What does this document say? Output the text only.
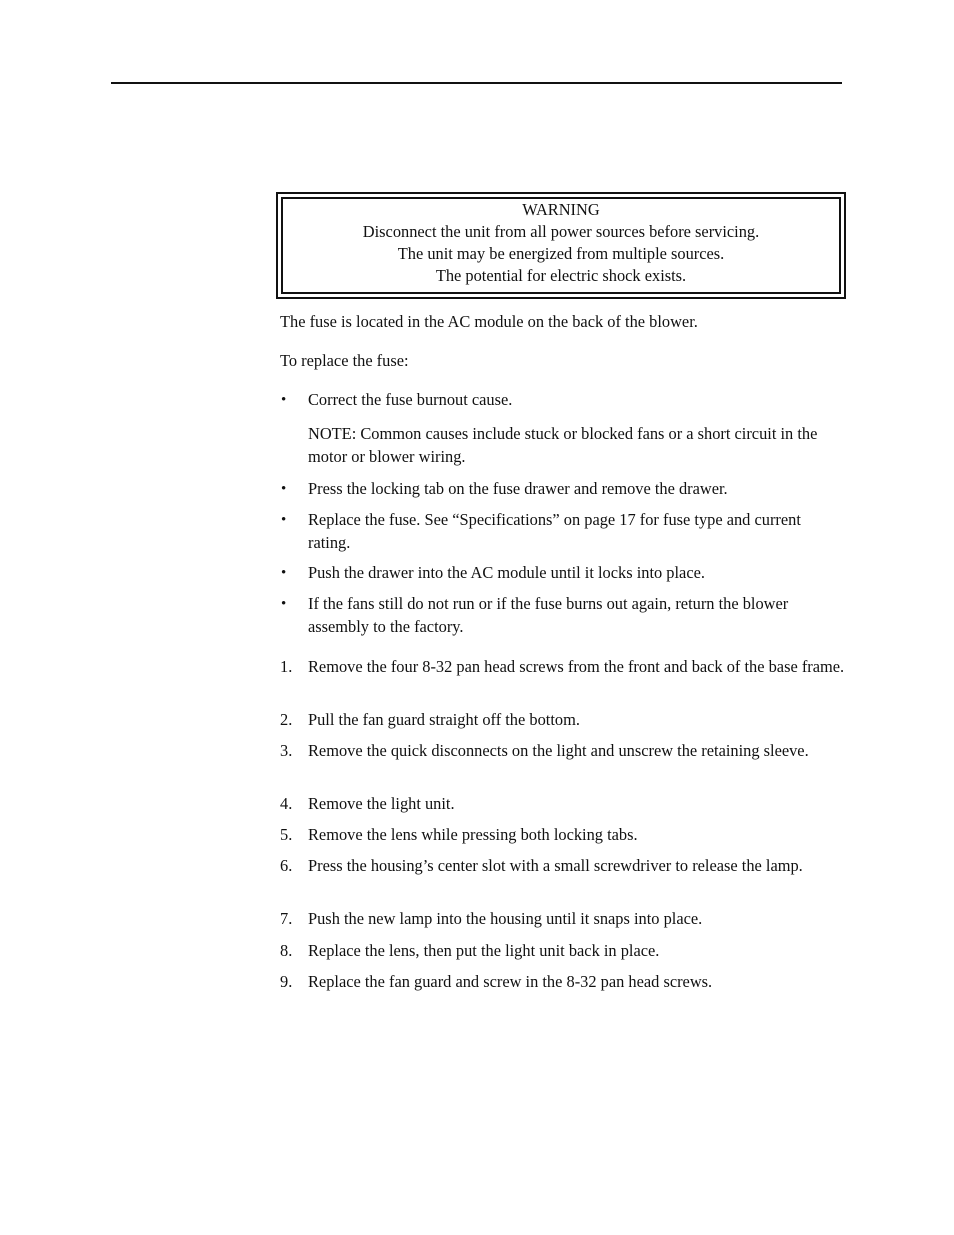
WARNING
Disconnect the unit from all power sources before servicing.
The unit may be energized from multiple sources.
The potential for electric shock exists.
The fuse is located in the AC module on the back of the blower.
To replace the fuse:
• Correct the fuse burnout cause.
NOTE: Common causes include stuck or blocked fans or a short circuit in the motor or blower wiring.
• Press the locking tab on the fuse drawer and remove the drawer.
• Replace the fuse. See “Specifications” on page 17 for fuse type and current rating.
• Push the drawer into the AC module until it locks into place.
• If the fans still do not run or if the fuse burns out again, return the blower assembly to the factory.
1. Remove the four 8-32 pan head screws from the front and back of the base frame.
2. Pull the fan guard straight off the bottom.
3. Remove the quick disconnects on the light and unscrew the retaining sleeve.
4. Remove the light unit.
5. Remove the lens while pressing both locking tabs.
6. Press the housing’s center slot with a small screwdriver to release the lamp.
7. Push the new lamp into the housing until it snaps into place.
8. Replace the lens, then put the light unit back in place.
9. Replace the fan guard and screw in the 8-32 pan head screws.
